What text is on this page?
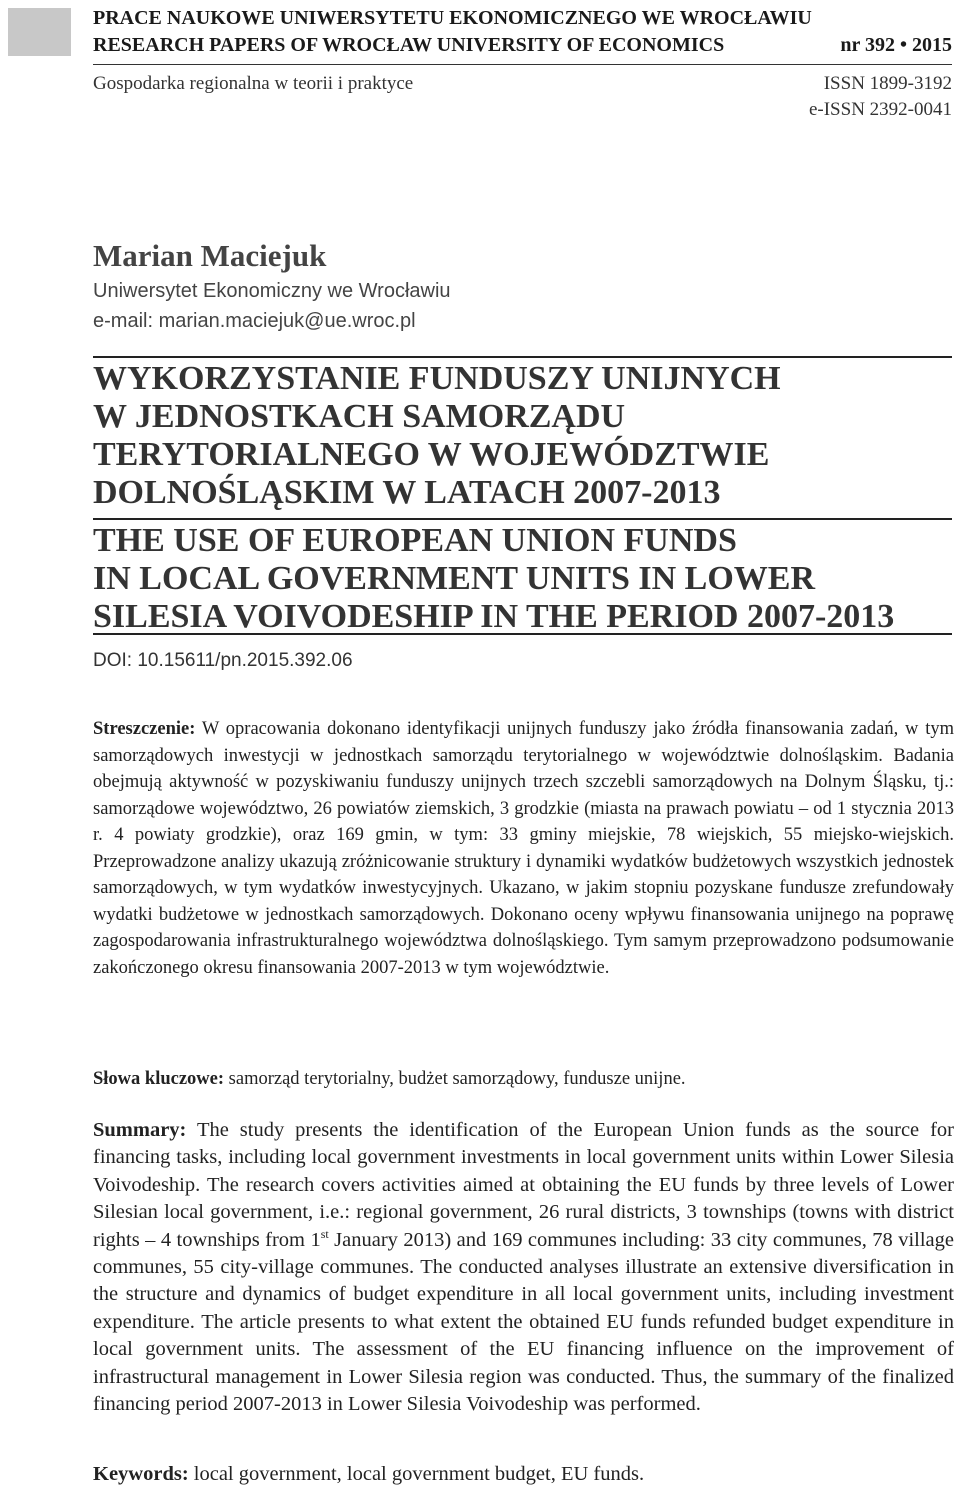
PRACE NAUKOWE UNIWERSYTETU EKONOMICZNEGO WE WROCŁAWIU
RESEARCH PAPERS OF WROCŁAW UNIVERSITY OF ECONOMICS	nr 392 • 2015
Gospodarka regionalna w teorii i praktyce	ISSN 1899-3192
e-ISSN 2392-0041
Marian Maciejuk
Uniwersytet Ekonomiczny we Wrocławiu
e-mail: marian.maciejuk@ue.wroc.pl
WYKORZYSTANIE FUNDUSZY UNIJNYCH
W JEDNOSTKACH SAMORZĄDU
TERYTORIALNEGO W WOJEWÓDZTWIE
DOLNOŚLĄSKIM W LATACH 2007-2013
THE USE OF EUROPEAN UNION FUNDS
IN LOCAL GOVERNMENT UNITS IN LOWER
SILESIA VOIVODESHIP IN THE PERIOD 2007-2013
DOI: 10.15611/pn.2015.392.06
Streszczenie: W opracowania dokonano identyfikacji unijnych funduszy jako źródła finansowania zadań, w tym samorządowych inwestycji w jednostkach samorządu terytorialnego w województwie dolnośląskim. Badania obejmują aktywność w pozyskiwaniu funduszy unijnych trzech szczebli samorządowych na Dolnym Śląsku, tj.: samorządowe województwo, 26 powiatów ziemskich, 3 grodzkie (miasta na prawach powiatu – od 1 stycznia 2013 r. 4 powiaty grodzkie), oraz 169 gmin, w tym: 33 gminy miejskie, 78 wiejskich, 55 miejsko-wiejskich. Przeprowadzone analizy ukazują zróżnicowanie struktury i dynamiki wydatków budżetowych wszystkich jednostek samorządowych, w tym wydatków inwestycyjnych. Ukazano, w jakim stopniu pozyskane fundusze zrefundowały wydatki budżetowe w jednostkach samorządowych. Dokonano oceny wpływu finansowania unijnego na poprawę zagospodarowania infrastrukturalnego województwa dolnośląskiego. Tym samym przeprowadzono podsumowanie zakończonego okresu finansowania 2007-2013 w tym województwie.
Słowa kluczowe: samorząd terytorialny, budżet samorządowy, fundusze unijne.
Summary: The study presents the identification of the European Union funds as the source for financing tasks, including local government investments in local government units within Lower Silesia Voivodeship. The research covers activities aimed at obtaining the EU funds by three levels of Lower Silesian local government, i.e.: regional government, 26 rural districts, 3 townships (towns with district rights – 4 townships from 1st January 2013) and 169 communes including: 33 city communes, 78 village communes, 55 city-village communes. The conducted analyses illustrate an extensive diversification in the structure and dynamics of budget expenditure in all local government units, including investment expenditure. The article presents to what extent the obtained EU funds refunded budget expenditure in local government units. The assessment of the EU financing influence on the improvement of infrastructural management in Lower Silesia region was conducted. Thus, the summary of the finalized financing period 2007-2013 in Lower Silesia Voivodeship was performed.
Keywords: local government, local government budget, EU funds.
